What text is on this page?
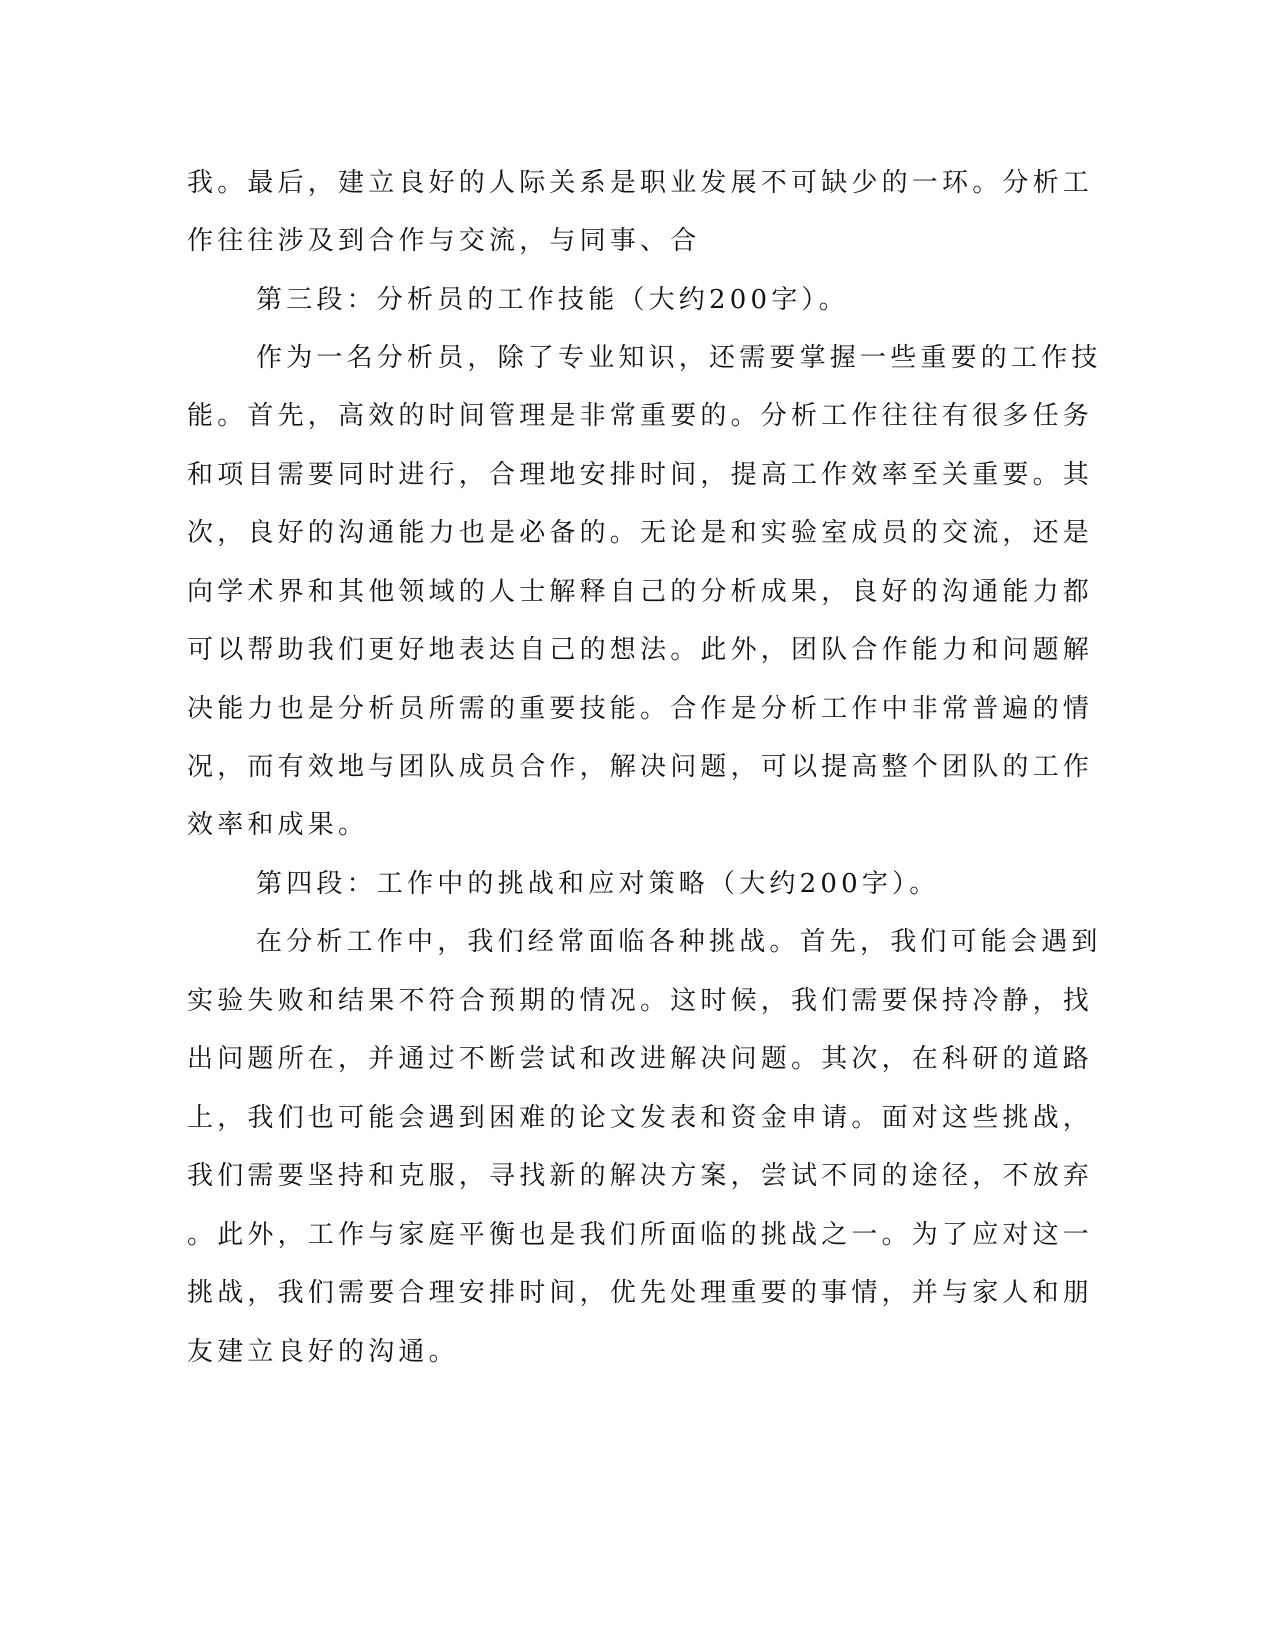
我。最后，建立良好的人际关系是职业发展不可缺少的一环。分析工
作往往涉及到合作与交流，与同事、合
第三段：分析员的工作技能（大约200字）。
作为一名分析员，除了专业知识，还需要掌握一些重要的工作技
能。首先，高效的时间管理是非常重要的。分析工作往往有很多任务
和项目需要同时进行，合理地安排时间，提高工作效率至关重要。其
次，良好的沟通能力也是必备的。无论是和实验室成员的交流，还是
向学术界和其他领域的人士解释自己的分析成果，良好的沟通能力都
可以帮助我们更好地表达自己的想法。此外，团队合作能力和问题解
决能力也是分析员所需的重要技能。合作是分析工作中非常普遍的情
况，而有效地与团队成员合作，解决问题，可以提高整个团队的工作
效率和成果。
第四段：工作中的挑战和应对策略（大约200字）。
在分析工作中，我们经常面临各种挑战。首先，我们可能会遇到
实验失败和结果不符合预期的情况。这时候，我们需要保持冷静，找
出问题所在，并通过不断尝试和改进解决问题。其次，在科研的道路
上，我们也可能会遇到困难的论文发表和资金申请。面对这些挑战，
我们需要坚持和克服，寻找新的解决方案，尝试不同的途径，不放弃
。此外，工作与家庭平衡也是我们所面临的挑战之一。为了应对这一
挑战，我们需要合理安排时间，优先处理重要的事情，并与家人和朋
友建立良好的沟通。
